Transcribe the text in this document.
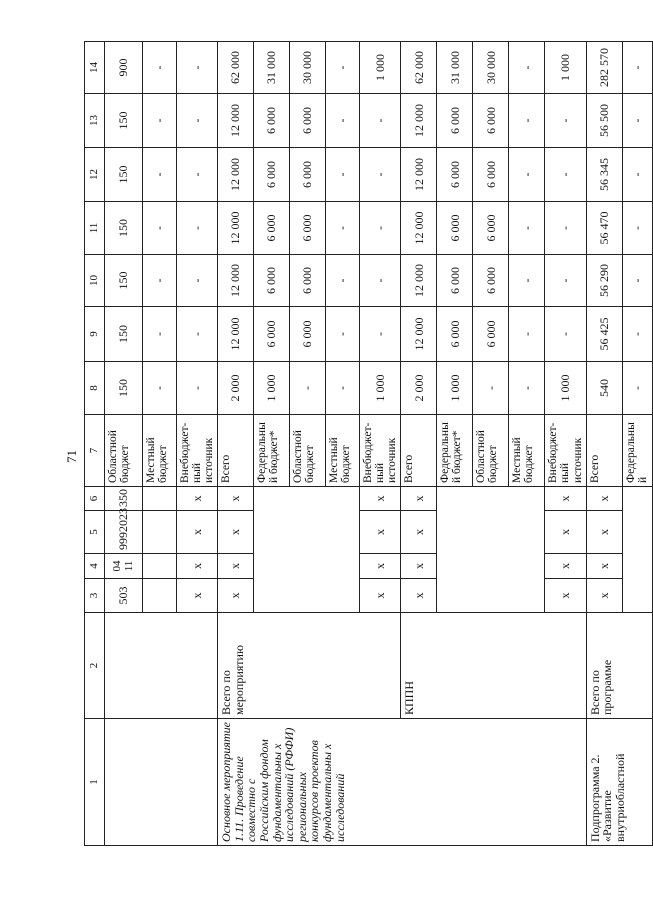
71
1	2	3	4	5	6	7	8	9	10	11	12	13	14
		503	04 11	9992023	350	Областной бюджет	150	150	150	150	150	150	900
						Местный бюджет	-	-	-	-	-	-	-
		х	х	х	х	Внебюджет-ный источник	-	-	-	-	-	-	-
Основное мероприятие 1.11. Проведение совместно с Российским фондом фундаментальны х исследований (РФФИ) региональных конкурсов проектов фундаментальны х исследований	Всего по мероприятию	х	х	х	х	Всего	2 000	12 000	12 000	12 000	12 000	12 000	62 000
						Федеральный бюджет*	1 000	6 000	6 000	6 000	6 000	6 000	31 000
						Областной бюджет	-	6 000	6 000	6 000	6 000	6 000	30 000
						Местный бюджет	-	-	-	-	-	-	-
		х	х	х	х	Внебюджет-ный источник	1 000	-	-	-	-	-	1 000
	КППН	х	х	х	х	Всего	2 000	12 000	12 000	12 000	12 000	12 000	62 000
						Федеральный бюджет*	1 000	6 000	6 000	6 000	6 000	6 000	31 000
						Областной бюджет	-	6 000	6 000	6 000	6 000	6 000	30 000
						Местный бюджет	-	-	-	-	-	-	-
		х	х	х	х	Внебюджет-ный источник	1 000	-	-	-	-	-	1 000
Подпрограмма 2. «Развитие внутриобластной	Всего по программе	х	х	х	х	Всего	540	56 425	56 290	56 470	56 345	56 500	282 570
						Федеральный	-	-	-	-	-	-	-
